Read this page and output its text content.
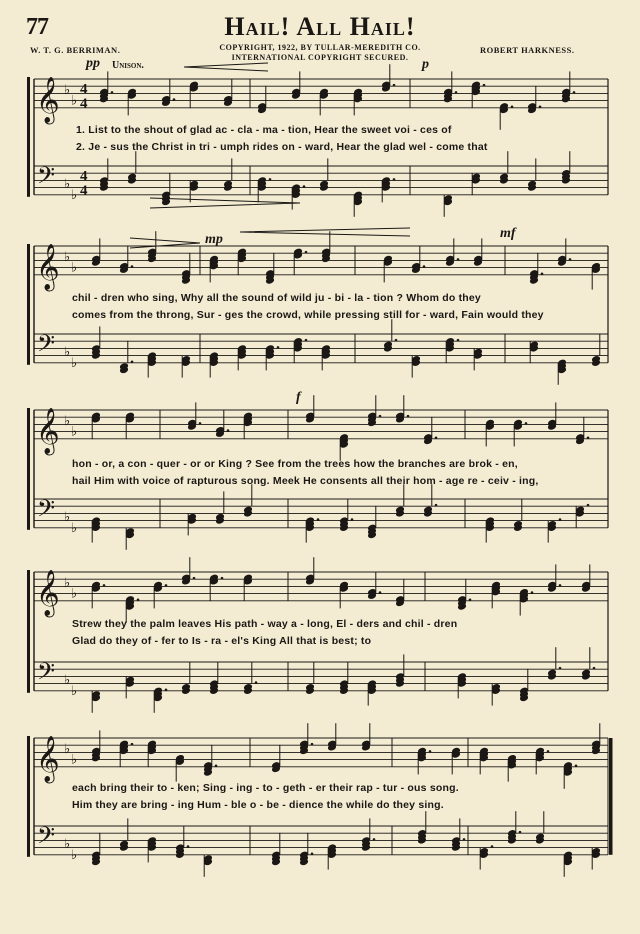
𝄞
𝄢
♭
♭
♭
♭
4
4
4
4
𝄞
𝄢
♭
♭
♭
♭
𝄞
𝄢
♭
♭
♭
♭
𝄞
𝄢
♭
♭
♭
♭
𝄞
𝄢
♭
♭
♭
♭
77	Hail! All Hail!
W. T. G. BERRIMAN.	COPYRIGHT, 1922, BY TULLAR-MEREDITH CO.
INTERNATIONAL COPYRIGHT SECURED.
ROBERT HARKNESS.
pp Unison.	p
mp	mf
f
1. List to the shout of glad ac - cla - ma - tion, Hear the sweet voi - ces of
2. Je - sus the Christ in tri - umph rides on - ward, Hear the glad wel - come that
chil - dren who sing, Why all the sound of wild ju - bi - la - tion ? Whom do they
comes from the throng, Sur - ges the crowd, while pressing still for - ward, Fain would they
hon - or, a con - quer - or or King ? See from the trees how the branches are brok - en,
hail Him with voice of rapturous song. Meek He consents all their hom - age re - ceiv - ing,
Strew they the palm leaves His path - way a - long, El - ders and chil - dren
Glad do they of - fer to Is - ra - el's King All that is best; to
each bring their to - ken; Sing - ing - to - geth - er their rap - tur - ous song.
Him they are bring - ing Hum - ble o - be - dience the while do they sing.
